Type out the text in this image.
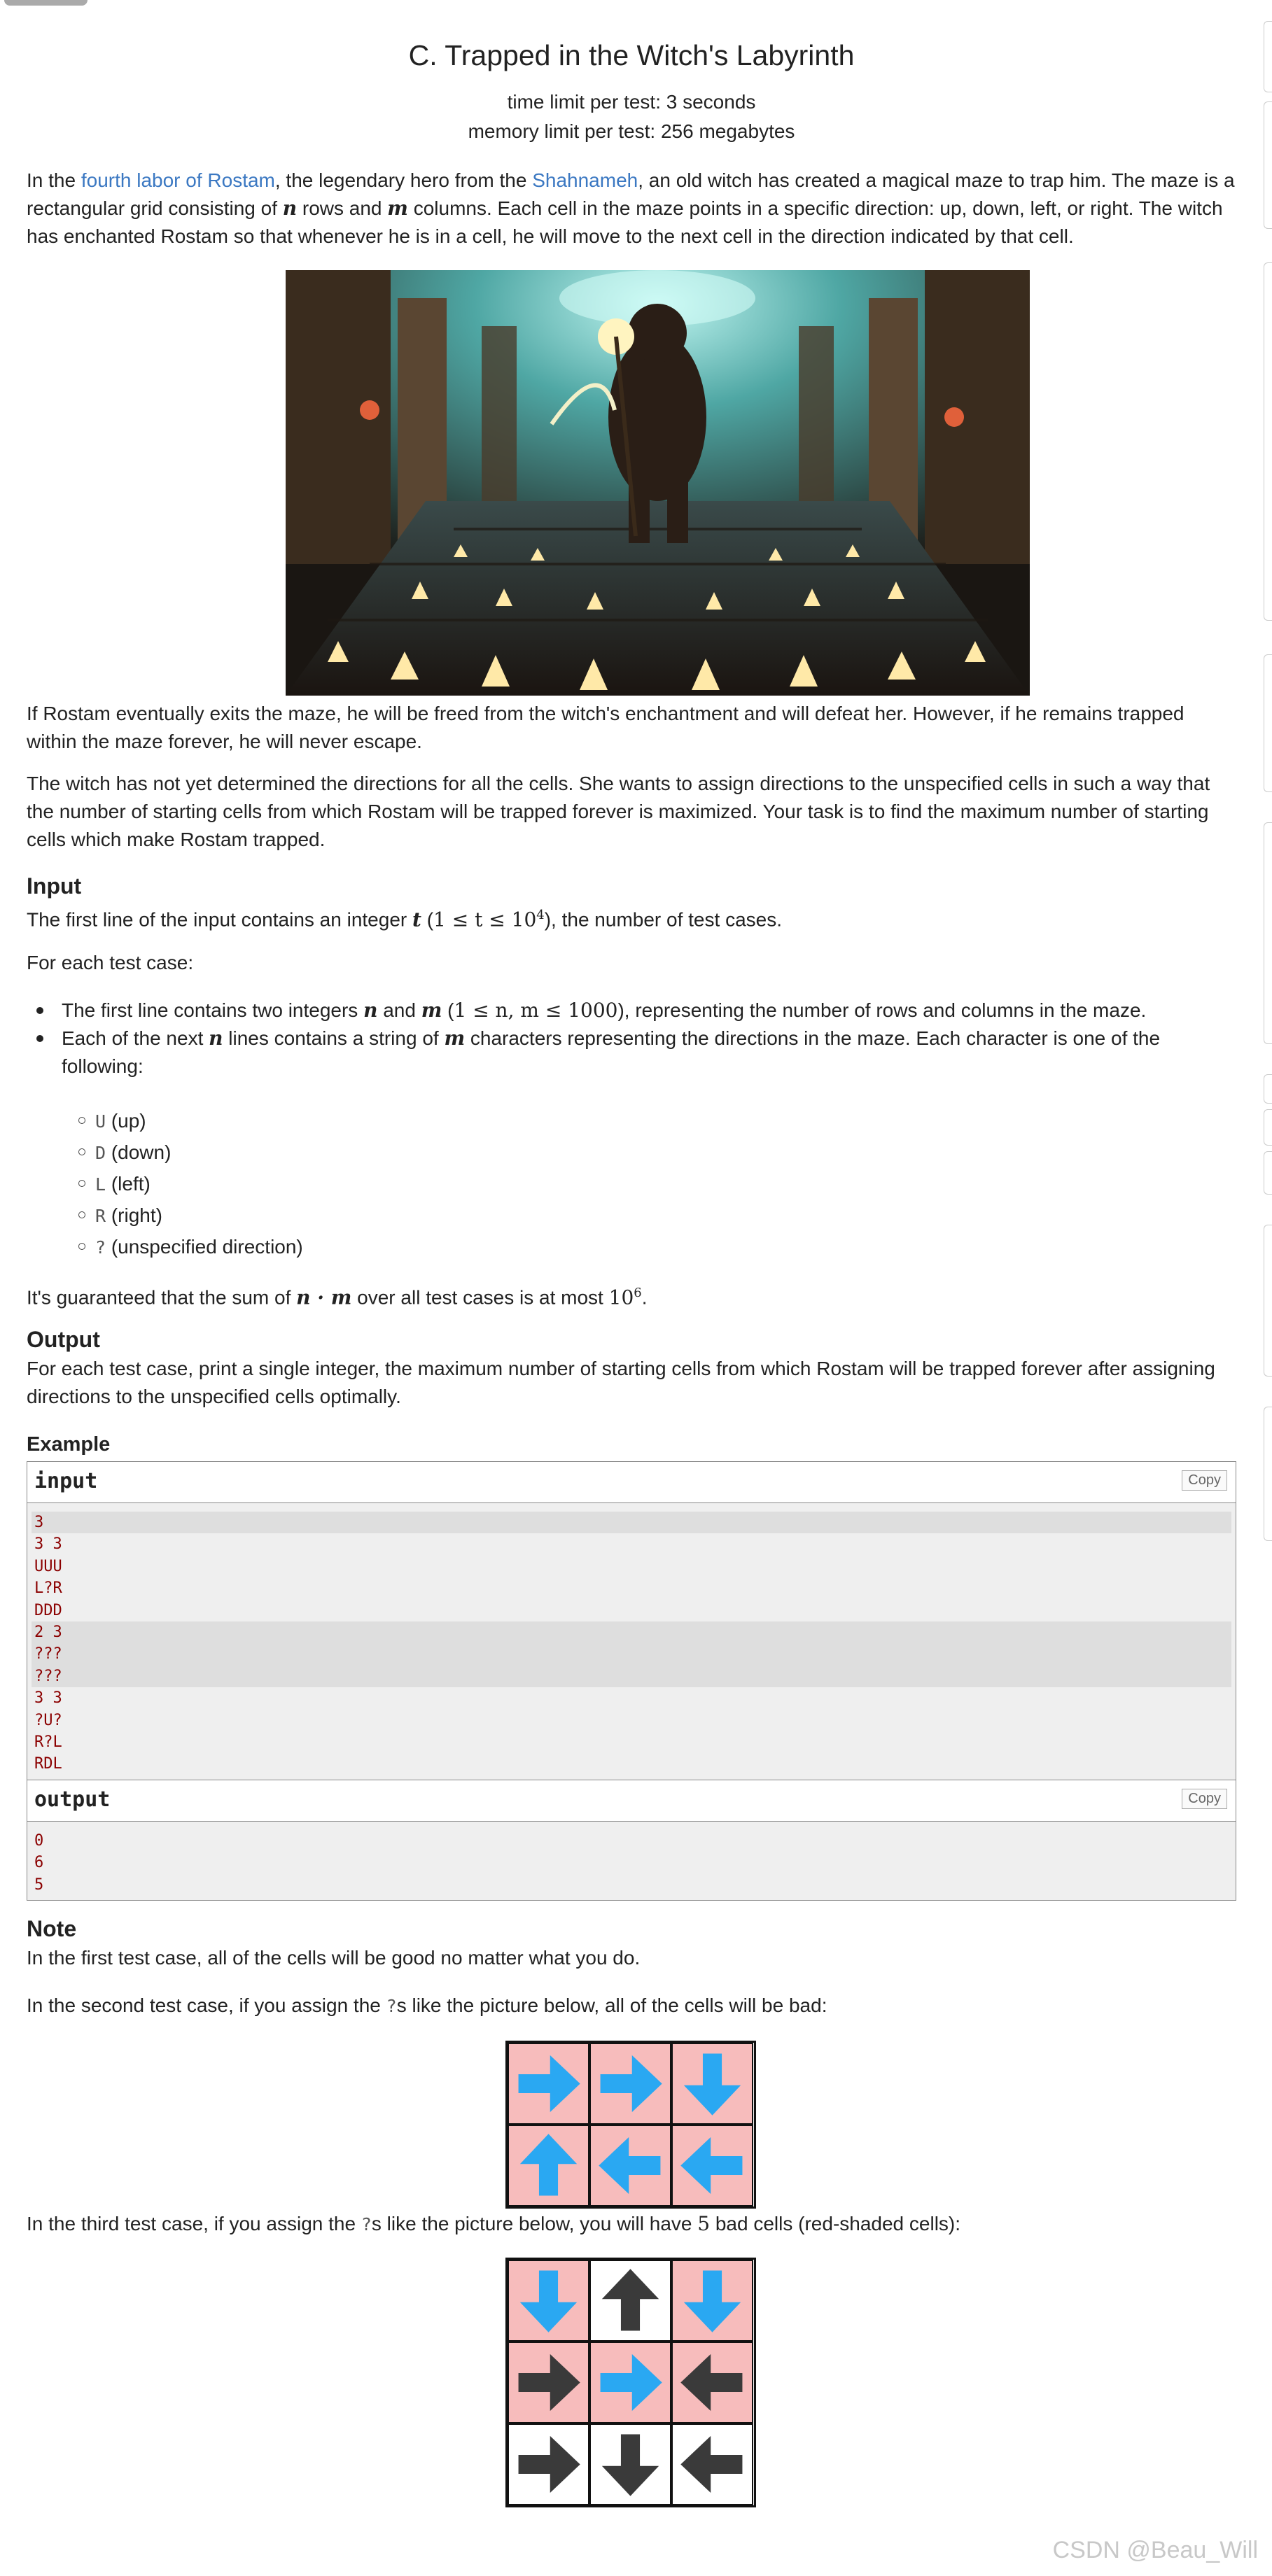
C. Trapped in the Witch's Labyrinth
time limit per test: 3 seconds
memory limit per test: 256 megabytes

In the fourth labor of Rostam, the legendary hero from the Shahnameh, an old witch has created a magical maze to trap him. The maze is a rectangular grid consisting of n rows and m columns. Each cell in the maze points in a specific direction: up, down, left, or right. The witch has enchanted Rostam so that whenever he is in a cell, he will move to the next cell in the direction indicated by that cell.

If Rostam eventually exits the maze, he will be freed from the witch's enchantment and will defeat her. However, if he remains trapped within the maze forever, he will never escape.

The witch has not yet determined the directions for all the cells. She wants to assign directions to the unspecified cells in such a way that the number of starting cells from which Rostam will be trapped forever is maximized. Your task is to find the maximum number of starting cells which make Rostam trapped.

Input

The first line of the input contains an integer t $(1 \le t \le 10^4)$, the number of test cases.

For each test case:

The first line contains two integers n and m (1 ≤ n, m ≤ 1000), representing the number of rows and columns in the maze.
Each of the next n lines contains a string of m characters representing the directions in the maze. Each character is one of the following:
U (up)
D (down)
L (left)
R (right)
? (unspecified direction)

It's guaranteed that the sum of n · m over all test cases is at most $10^6$.

Output

For each test case, print a single integer, the maximum number of starting cells from which Rostam will be trapped forever after assigning directions to the unspecified cells optimally.

Example
input	Copy
3
3 3
UUU
L?R
DDD
2 3
???
???
3 3
?U?
R?L
RDL
output	Copy
0
6
5
Note

In the first test case, all of the cells will be good no matter what you do.

In the second test case, if you assign the ?s like the picture below, all of the cells will be bad:

In the third test case, if you assign the ?s like the picture below, you will have 5 bad cells (red-shaded cells):

CSDN @Beau_Will
